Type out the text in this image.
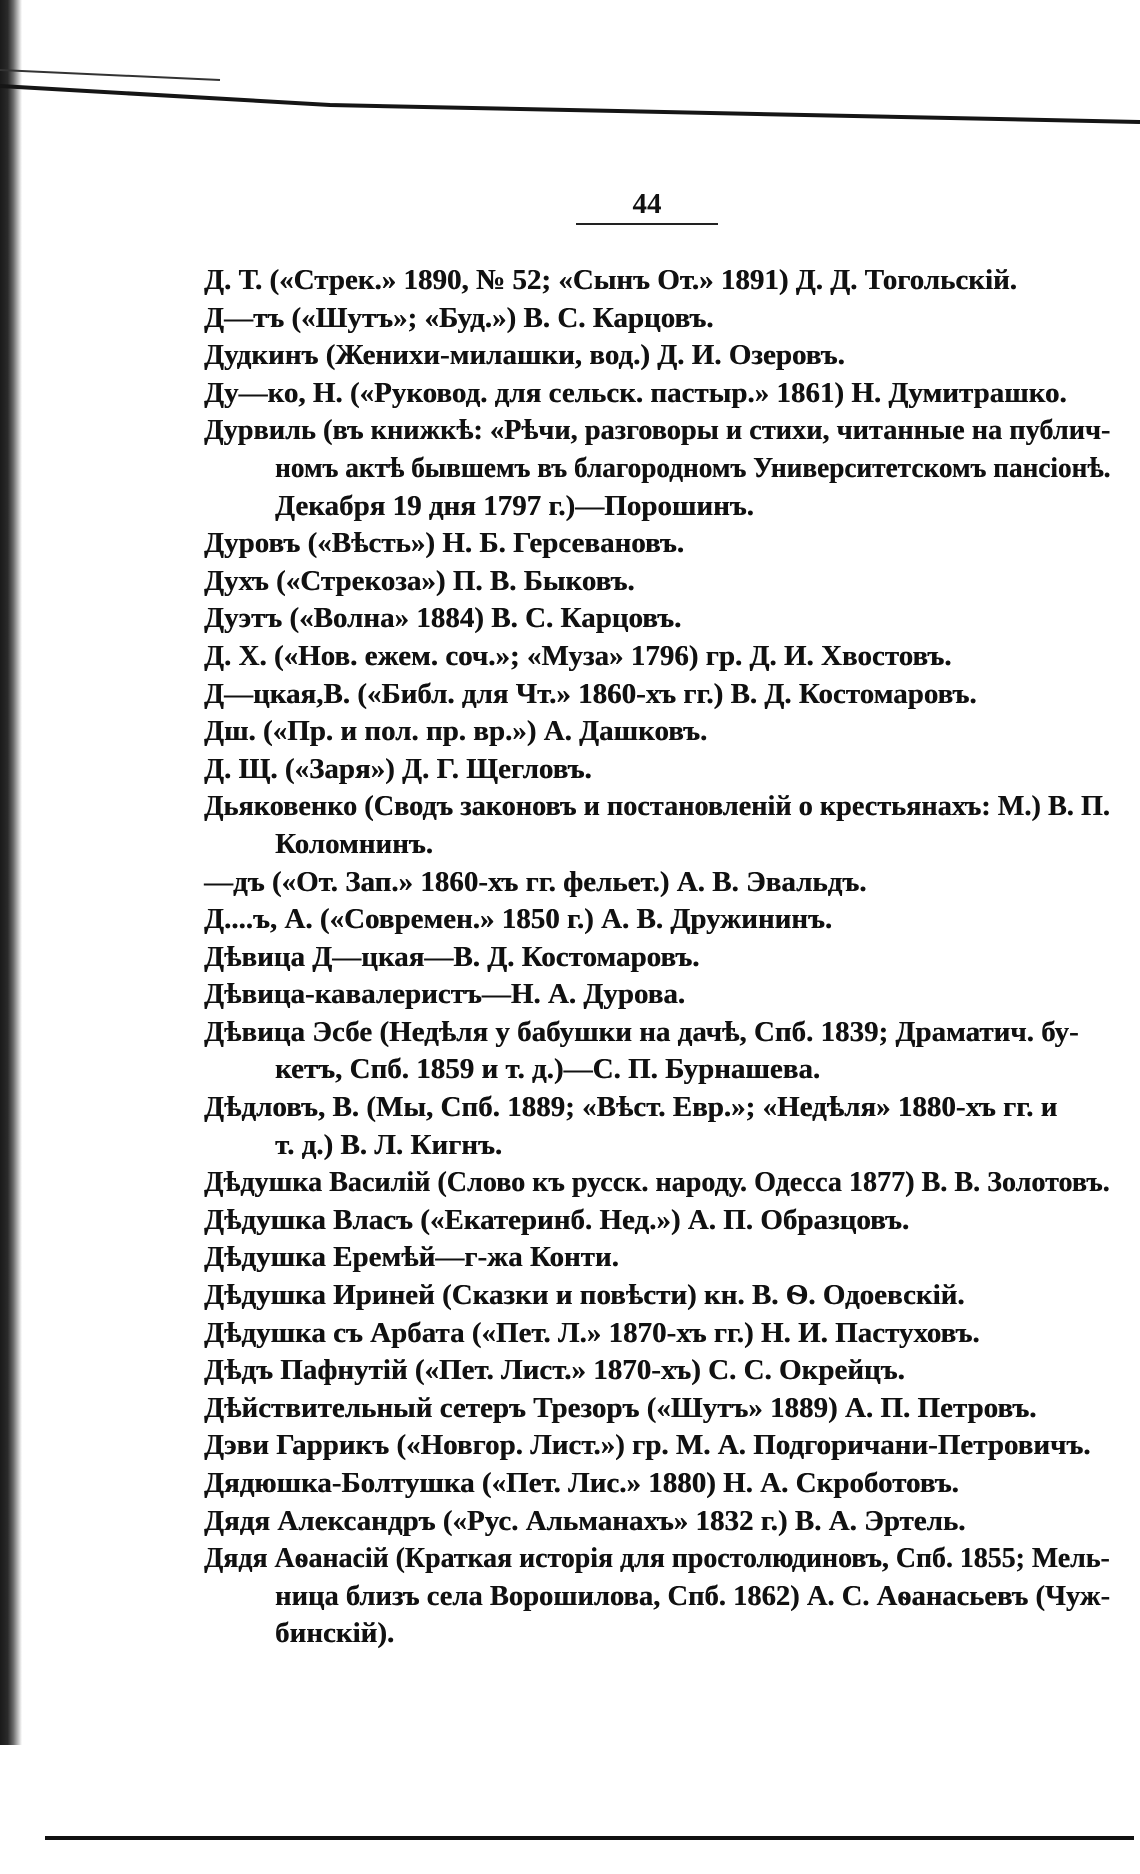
44
Д. Т. («Стрек.» 1890, № 52; «Сынъ От.» 1891) Д. Д. Тогольскій.
Д—тъ («Шутъ»; «Буд.») В. С. Карцовъ.
Дудкинъ (Женихи-милашки, вод.) Д. И. Озеровъ.
Ду—ко, Н. («Руковод. для сельск. пастыр.» 1861) Н. Думитрашко.
Дурвиль (въ книжкѣ: «Рѣчи, разговоры и стихи, читанные на публич-
номъ актѣ бывшемъ въ благородномъ Университетскомъ пансіонѣ.
Декабря 19 дня 1797 г.)—Порошинъ.
Дуровъ («Вѣсть») Н. Б. Герсевановъ.
Духъ («Стрекоза») П. В. Быковъ.
Дуэтъ («Волна» 1884) В. С. Карцовъ.
Д. Х. («Нов. ежем. соч.»; «Муза» 1796) гр. Д. И. Хвостовъ.
Д—цкая,В. («Библ. для Чт.» 1860-хъ гг.) В. Д. Костомаровъ.
Дш. («Пр. и пол. пр. вр.») А. Дашковъ.
Д. Щ. («Заря») Д. Г. Щегловъ.
Дьяковенко (Сводъ законовъ и постановленій о крестьянахъ: М.) В. П.
Коломнинъ.
—дъ («От. Зап.» 1860-хъ гг. фельет.) А. В. Эвальдъ.
Д....ъ, А. («Современ.» 1850 г.) А. В. Дружининъ.
Дѣвица Д—цкая—В. Д. Костомаровъ.
Дѣвица-кавалеристъ—Н. А. Дурова.
Дѣвица Эсбе (Недѣля у бабушки на дачѣ, Спб. 1839; Драматич. бу-
кетъ, Спб. 1859 и т. д.)—С. П. Бурнашева.
Дѣдловъ, В. (Мы, Спб. 1889; «Вѣст. Евр.»; «Недѣля» 1880-хъ гг. и
т. д.) В. Л. Кигнъ.
Дѣдушка Василій (Слово къ русск. народу. Одесса 1877) В. В. Золотовъ.
Дѣдушка Власъ («Екатеринб. Нед.») А. П. Образцовъ.
Дѣдушка Еремѣй—г-жа Конти.
Дѣдушка Ириней (Сказки и повѣсти) кн. В. Ѳ. Одоевскій.
Дѣдушка съ Арбата («Пет. Л.» 1870-хъ гг.) Н. И. Пастуховъ.
Дѣдъ Пафнутій («Пет. Лист.» 1870-хъ) С. С. Окрейцъ.
Дѣйствительный сетеръ Трезоръ («Шутъ» 1889) А. П. Петровъ.
Дэви Гаррикъ («Новгор. Лист.») гр. М. А. Подгоричани-Петровичъ.
Дядюшка-Болтушка («Пет. Лис.» 1880) Н. А. Скроботовъ.
Дядя Александръ («Рус. Альманахъ» 1832 г.) В. А. Эртель.
Дядя Аѳанасій (Краткая исторія для простолюдиновъ, Спб. 1855; Мель-
ница близъ села Ворошилова, Спб. 1862) А. С. Аѳанасьевъ (Чуж-
бинскій).
